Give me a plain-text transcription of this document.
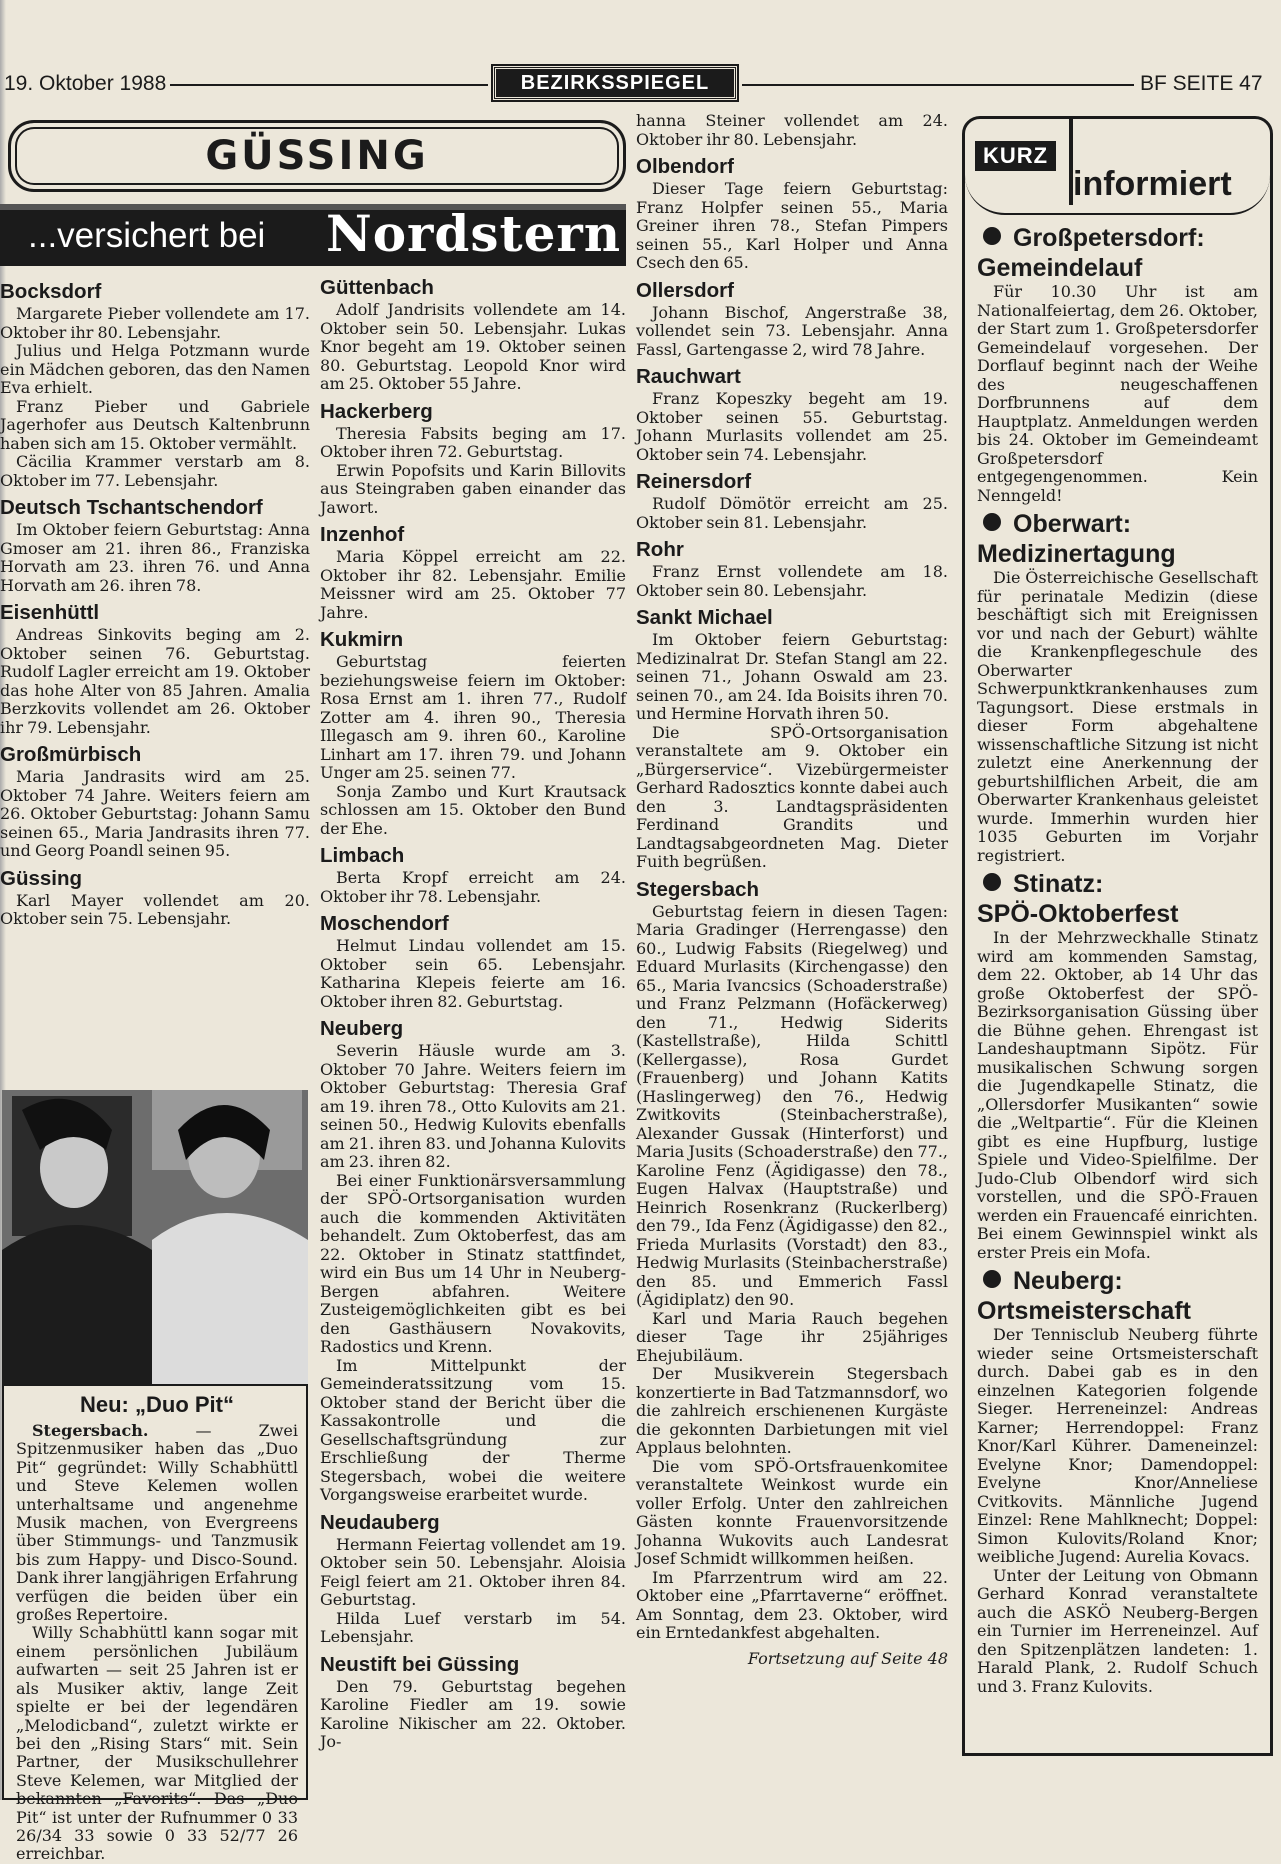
19. Oktober 1988	BEZIRKSSPIEGEL	BF SEITE 47
GÜSSING
...versichert bei Nordstern
Bocksdorf

Margarete Pieber vollendete am 17. Oktober ihr 80. Lebensjahr.

Julius und Helga Potzmann wurde ein Mädchen geboren, das den Namen Eva erhielt.

Franz Pieber und Gabriele Jagerhofer aus Deutsch Kaltenbrunn haben sich am 15. Oktober vermählt.

Cäcilia Krammer verstarb am 8. Oktober im 77. Lebensjahr.

Deutsch Tschantschendorf

Im Oktober feiern Geburtstag: Anna Gmoser am 21. ihren 86., Franziska Horvath am 23. ihren 76. und Anna Horvath am 26. ihren 78.

Eisenhüttl

Andreas Sinkovits beging am 2. Oktober seinen 76. Geburtstag. Rudolf Lagler erreicht am 19. Oktober das hohe Alter von 85 Jahren. Amalia Berzkovits vollendet am 26. Oktober ihr 79. Lebensjahr.

Großmürbisch

Maria Jandrasits wird am 25. Oktober 74 Jahre. Weiters feiern am 26. Oktober Geburtstag: Johann Samu seinen 65., Maria Jandrasits ihren 77. und Georg Poandl seinen 95.

Güssing

Karl Mayer vollendet am 20. Oktober sein 75. Lebensjahr.

Neu: „Duo Pit“

Stegersbach. — Zwei Spitzenmusiker haben das „Duo Pit“ gegründet: Willy Schabhüttl und Steve Kelemen wollen unterhaltsame und angenehme Musik machen, von Evergreens über Stimmungs- und Tanzmusik bis zum Happy- und Disco-Sound. Dank ihrer langjährigen Erfahrung verfügen die beiden über ein großes Repertoire.

Willy Schabhüttl kann sogar mit einem persönlichen Jubiläum aufwarten — seit 25 Jahren ist er als Musiker aktiv, lange Zeit spielte er bei der legendären „Melodicband“, zuletzt wirkte er bei den „Rising Stars“ mit. Sein Partner, der Musikschullehrer Steve Kelemen, war Mitglied der bekannten „Favorits“. Das „Duo Pit“ ist unter der Rufnummer 0 33 26/34 33 sowie 0 33 52/77 26 erreichbar.

Güttenbach

Adolf Jandrisits vollendete am 14. Oktober sein 50. Lebensjahr. Lukas Knor begeht am 19. Oktober seinen 80. Geburtstag. Leopold Knor wird am 25. Oktober 55 Jahre.

Hackerberg

Theresia Fabsits beging am 17. Oktober ihren 72. Geburtstag.

Erwin Popofsits und Karin Billovits aus Steingraben gaben einander das Jawort.

Inzenhof

Maria Köppel erreicht am 22. Oktober ihr 82. Lebensjahr. Emilie Meissner wird am 25. Oktober 77 Jahre.

Kukmirn

Geburtstag feierten beziehungsweise feiern im Oktober: Rosa Ernst am 1. ihren 77., Rudolf Zotter am 4. ihren 90., Theresia Illegasch am 9. ihren 60., Karoline Linhart am 17. ihren 79. und Johann Unger am 25. seinen 77.

Sonja Zambo und Kurt Krautsack schlossen am 15. Oktober den Bund der Ehe.

Limbach

Berta Kropf erreicht am 24. Oktober ihr 78. Lebensjahr.

Moschendorf

Helmut Lindau vollendet am 15. Oktober sein 65. Lebensjahr. Katharina Klepeis feierte am 16. Oktober ihren 82. Geburtstag.

Neuberg

Severin Häusle wurde am 3. Oktober 70 Jahre. Weiters feiern im Oktober Geburtstag: Theresia Graf am 19. ihren 78., Otto Kulovits am 21. seinen 50., Hedwig Kulovits ebenfalls am 21. ihren 83. und Johanna Kulovits am 23. ihren 82.

Bei einer Funktionärsversammlung der SPÖ-Ortsorganisation wurden auch die kommenden Aktivitäten behandelt. Zum Oktoberfest, das am 22. Oktober in Stinatz stattfindet, wird ein Bus um 14 Uhr in Neuberg-Bergen abfahren. Weitere Zusteigemöglichkeiten gibt es bei den Gasthäusern Novakovits, Radostics und Krenn.

Im Mittelpunkt der Gemeinderatssitzung vom 15. Oktober stand der Bericht über die Kassakontrolle und die Gesellschaftsgründung zur Erschließung der Therme Stegersbach, wobei die weitere Vorgangsweise erarbeitet wurde.

Neudauberg

Hermann Feiertag vollendet am 19. Oktober sein 50. Lebensjahr. Aloisia Feigl feiert am 21. Oktober ihren 84. Geburtstag.

Hilda Luef verstarb im 54. Lebensjahr.

Neustift bei Güssing

Den 79. Geburtstag begehen Karoline Fiedler am 19. sowie Karoline Nikischer am 22. Oktober. Jo-

hanna Steiner vollendet am 24. Oktober ihr 80. Lebensjahr.

Olbendorf

Dieser Tage feiern Geburtstag: Franz Holpfer seinen 55., Maria Greiner ihren 78., Stefan Pimpers seinen 55., Karl Holper und Anna Csech den 65.

Ollersdorf

Johann Bischof, Angerstraße 38, vollendet sein 73. Lebensjahr. Anna Fassl, Gartengasse 2, wird 78 Jahre.

Rauchwart

Franz Kopeszky begeht am 19. Oktober seinen 55. Geburtstag. Johann Murlasits vollendet am 25. Oktober sein 74. Lebensjahr.

Reinersdorf

Rudolf Dömötör erreicht am 25. Oktober sein 81. Lebensjahr.

Rohr

Franz Ernst vollendete am 18. Oktober sein 80. Lebensjahr.

Sankt Michael

Im Oktober feiern Geburtstag: Medizinalrat Dr. Stefan Stangl am 22. seinen 71., Johann Oswald am 23. seinen 70., am 24. Ida Boisits ihren 70. und Hermine Horvath ihren 50.

Die SPÖ-Ortsorganisation veranstaltete am 9. Oktober ein „Bürgerservice“. Vizebürgermeister Gerhard Radosztics konnte dabei auch den 3. Landtagspräsidenten Ferdinand Grandits und Landtagsabgeordneten Mag. Dieter Fuith begrüßen.

Stegersbach

Geburtstag feiern in diesen Tagen: Maria Gradinger (Herrengasse) den 60., Ludwig Fabsits (Riegelweg) und Eduard Murlasits (Kirchengasse) den 65., Maria Ivancsics (Schoaderstraße) und Franz Pelzmann (Hofäckerweg) den 71., Hedwig Siderits (Kastellstraße), Hilda Schittl (Kellergasse), Rosa Gurdet (Frauenberg) und Johann Katits (Haslingerweg) den 76., Hedwig Zwitkovits (Steinbacherstraße), Alexander Gussak (Hinterforst) und Maria Jusits (Schoaderstraße) den 77., Karoline Fenz (Ägidigasse) den 78., Eugen Halvax (Hauptstraße) und Heinrich Rosenkranz (Ruckerlberg) den 79., Ida Fenz (Ägidigasse) den 82., Frieda Murlasits (Vorstadt) den 83., Hedwig Murlasits (Steinbacherstraße) den 85. und Emmerich Fassl (Ägidiplatz) den 90.

Karl und Maria Rauch begehen dieser Tage ihr 25jähriges Ehejubiläum.

Der Musikverein Stegersbach konzertierte in Bad Tatzmannsdorf, wo die zahlreich erschienenen Kurgäste die gekonnten Darbietungen mit viel Applaus belohnten.

Die vom SPÖ-Ortsfrauenkomitee veranstaltete Weinkost wurde ein voller Erfolg. Unter den zahlreichen Gästen konnte Frauenvorsitzende Johanna Wukovits auch Landesrat Josef Schmidt willkommen heißen.

Im Pfarrzentrum wird am 22. Oktober eine „Pfarrtaverne“ eröffnet. Am Sonntag, dem 23. Oktober, wird ein Erntedankfest abgehalten.

Fortsetzung auf Seite 48
KURZ
informiert
Großpetersdorf:
Gemeindelauf

Für 10.30 Uhr ist am Nationalfeiertag, dem 26. Oktober, der Start zum 1. Großpetersdorfer Gemeindelauf vorgesehen. Der Dorflauf beginnt nach der Weihe des neugeschaffenen Dorfbrunnens auf dem Hauptplatz. Anmeldungen werden bis 24. Oktober im Gemeindeamt Großpetersdorf entgegengenommen. Kein Nenngeld!

Oberwart:
Medizinertagung

Die Österreichische Gesellschaft für perinatale Medizin (diese beschäftigt sich mit Ereignissen vor und nach der Geburt) wählte die Krankenpflegeschule des Oberwarter Schwerpunktkrankenhauses zum Tagungsort. Diese erstmals in dieser Form abgehaltene wissenschaftliche Sitzung ist nicht zuletzt eine Anerkennung der geburtshilflichen Arbeit, die am Oberwarter Krankenhaus geleistet wurde. Immerhin wurden hier 1035 Geburten im Vorjahr registriert.

Stinatz:
SPÖ-Oktoberfest

In der Mehrzweckhalle Stinatz wird am kommenden Samstag, dem 22. Oktober, ab 14 Uhr das große Oktoberfest der SPÖ-Bezirksorganisation Güssing über die Bühne gehen. Ehrengast ist Landeshauptmann Sipötz. Für musikalischen Schwung sorgen die Jugendkapelle Stinatz, die „Ollersdorfer Musikanten“ sowie die „Weltpartie“. Für die Kleinen gibt es eine Hupfburg, lustige Spiele und Video-Spielfilme. Der Judo-Club Olbendorf wird sich vorstellen, und die SPÖ-Frauen werden ein Frauencafé einrichten. Bei einem Gewinnspiel winkt als erster Preis ein Mofa.

Neuberg:
Ortsmeisterschaft

Der Tennisclub Neuberg führte wieder seine Ortsmeisterschaft durch. Dabei gab es in den einzelnen Kategorien folgende Sieger. Herreneinzel: Andreas Karner; Herrendoppel: Franz Knor/Karl Kührer. Dameneinzel: Evelyne Knor; Damendoppel: Evelyne Knor/Anneliese Cvitkovits. Männliche Jugend Einzel: Rene Mahlknecht; Doppel: Simon Kulovits/Roland Knor; weibliche Jugend: Aurelia Kovacs.

Unter der Leitung von Obmann Gerhard Konrad veranstaltete auch die ASKÖ Neuberg-Bergen ein Turnier im Herreneinzel. Auf den Spitzenplätzen landeten: 1. Harald Plank, 2. Rudolf Schuch und 3. Franz Kulovits.
